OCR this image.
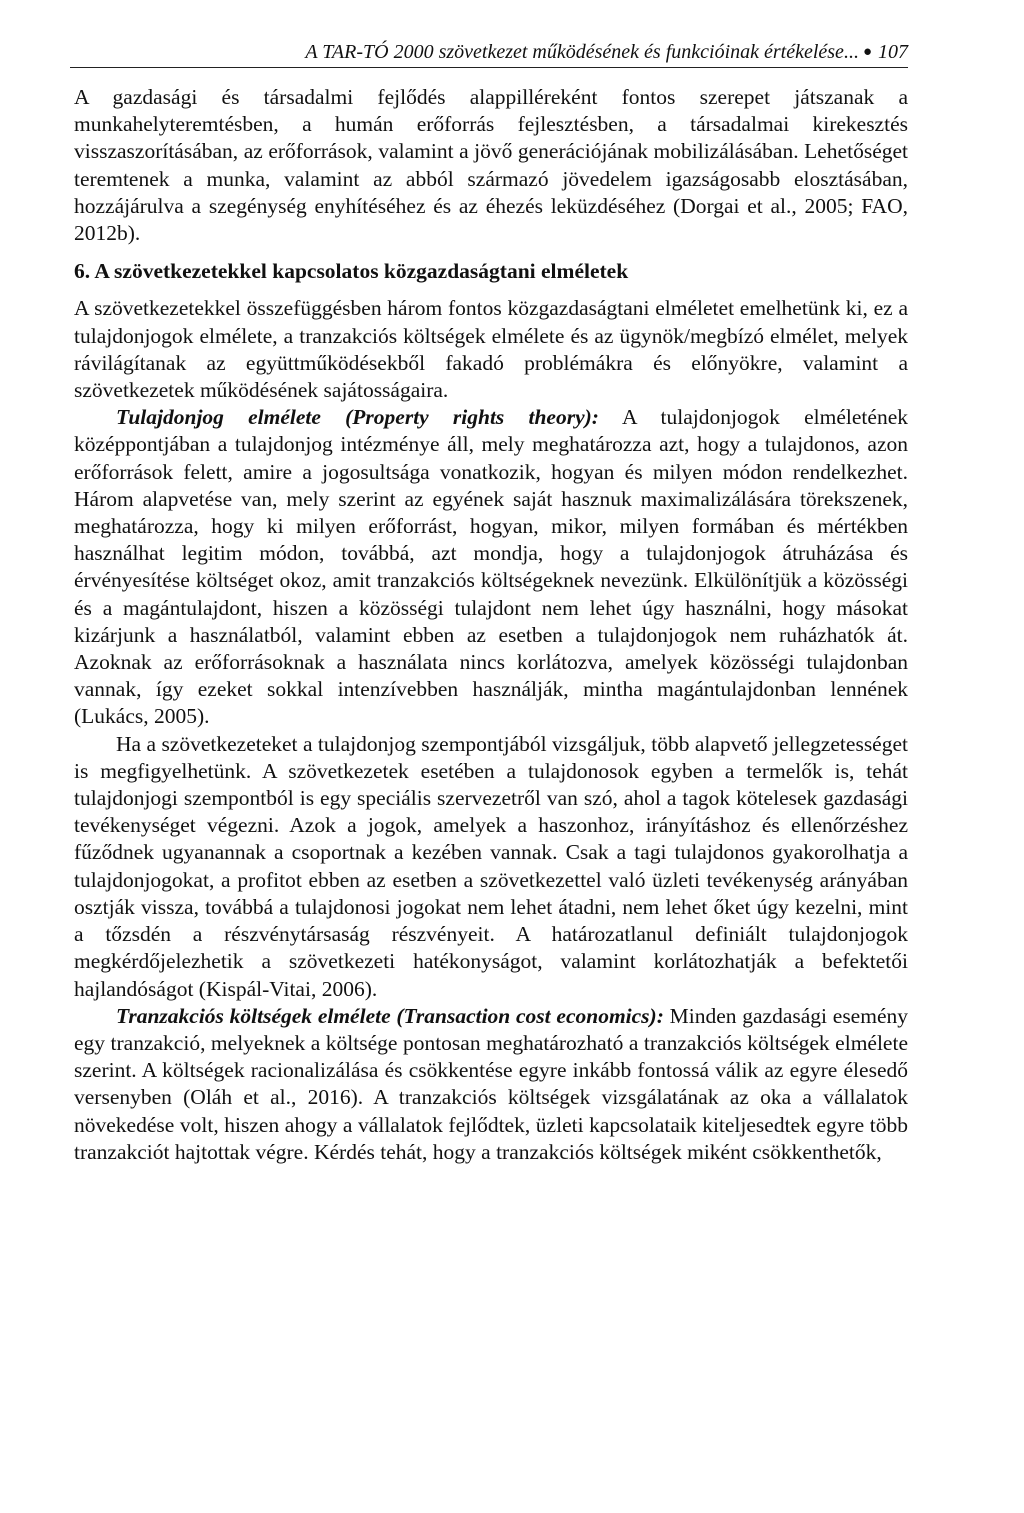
A TAR-TÓ 2000 szövetkezet működésének és funkcióinak értékelése... ● 107

A gazdasági és társadalmi fejlődés alappilléreként fontos szerepet játszanak a munkahelyteremtésben, a humán erőforrás fejlesztésben, a társadalmai kirekesztés visszaszorításában, az erőforrások, valamint a jövő generációjának mobilizálásában. Lehetőséget teremtenek a munka, valamint az abból származó jövedelem igazságosabb elosztásában, hozzájárulva a szegénység enyhítéséhez és az éhezés leküzdéséhez (Dorgai et al., 2005; FAO, 2012b).

6. A szövetkezetekkel kapcsolatos közgazdaságtani elméletek

A szövetkezetekkel összefüggésben három fontos közgazdaságtani elméletet emelhetünk ki, ez a tulajdonjogok elmélete, a tranzakciós költségek elmélete és az ügynök/megbízó elmélet, melyek rávilágítanak az együttműködésekből fakadó problémákra és előnyökre, valamint a szövetkezetek működésének sajátosságaira.

Tulajdonjog elmélete (Property rights theory): A tulajdonjogok elméletének középpontjában a tulajdonjog intézménye áll, mely meghatározza azt, hogy a tulajdonos, azon erőforrások felett, amire a jogosultsága vonatkozik, hogyan és milyen módon rendelkezhet. Három alapvetése van, mely szerint az egyének saját hasznuk maximalizálására törekszenek, meghatározza, hogy ki milyen erőforrást, hogyan, mikor, milyen formában és mértékben használhat legitim módon, továbbá, azt mondja, hogy a tulajdonjogok átruházása és érvényesítése költséget okoz, amit tranzakciós költségeknek nevezünk. Elkülönítjük a közösségi és a magántulajdont, hiszen a közösségi tulajdont nem lehet úgy használni, hogy másokat kizárjunk a használatból, valamint ebben az esetben a tulajdonjogok nem ruházhatók át. Azoknak az erőforrásoknak a használata nincs korlátozva, amelyek közösségi tulajdonban vannak, így ezeket sokkal intenzívebben használják, mintha magántulajdonban lennének (Lukács, 2005).

Ha a szövetkezeteket a tulajdonjog szempontjából vizsgáljuk, több alapvető jellegzetességet is megfigyelhetünk. A szövetkezetek esetében a tulajdonosok egyben a termelők is, tehát tulajdonjogi szempontból is egy speciális szervezetről van szó, ahol a tagok kötelesek gazdasági tevékenységet végezni. Azok a jogok, amelyek a haszonhoz, irányításhoz és ellenőrzéshez fűződnek ugyanannak a csoportnak a kezében vannak. Csak a tagi tulajdonos gyakorolhatja a tulajdonjogokat, a profitot ebben az esetben a szövetkezettel való üzleti tevékenység arányában osztják vissza, továbbá a tulajdonosi jogokat nem lehet átadni, nem lehet őket úgy kezelni, mint a tőzsdén a részvénytársaság részvényeit. A határozatlanul definiált tulajdonjogok megkérdőjelezhetik a szövetkezeti hatékonyságot, valamint korlátozhatják a befektetői hajlandóságot (Kispál-Vitai, 2006).

Tranzakciós költségek elmélete (Transaction cost economics): Minden gazdasági esemény egy tranzakció, melyeknek a költsége pontosan meghatározható a tranzakciós költségek elmélete szerint. A költségek racionalizálása és csökkentése egyre inkább fontossá válik az egyre élesedő versenyben (Oláh et al., 2016). A tranzakciós költségek vizsgálatának az oka a vállalatok növekedése volt, hiszen ahogy a vállalatok fejlődtek, üzleti kapcsolataik kiteljesedtek egyre több tranzakciót hajtottak végre. Kérdés tehát, hogy a tranzakciós költségek miként csökkenthetők,
